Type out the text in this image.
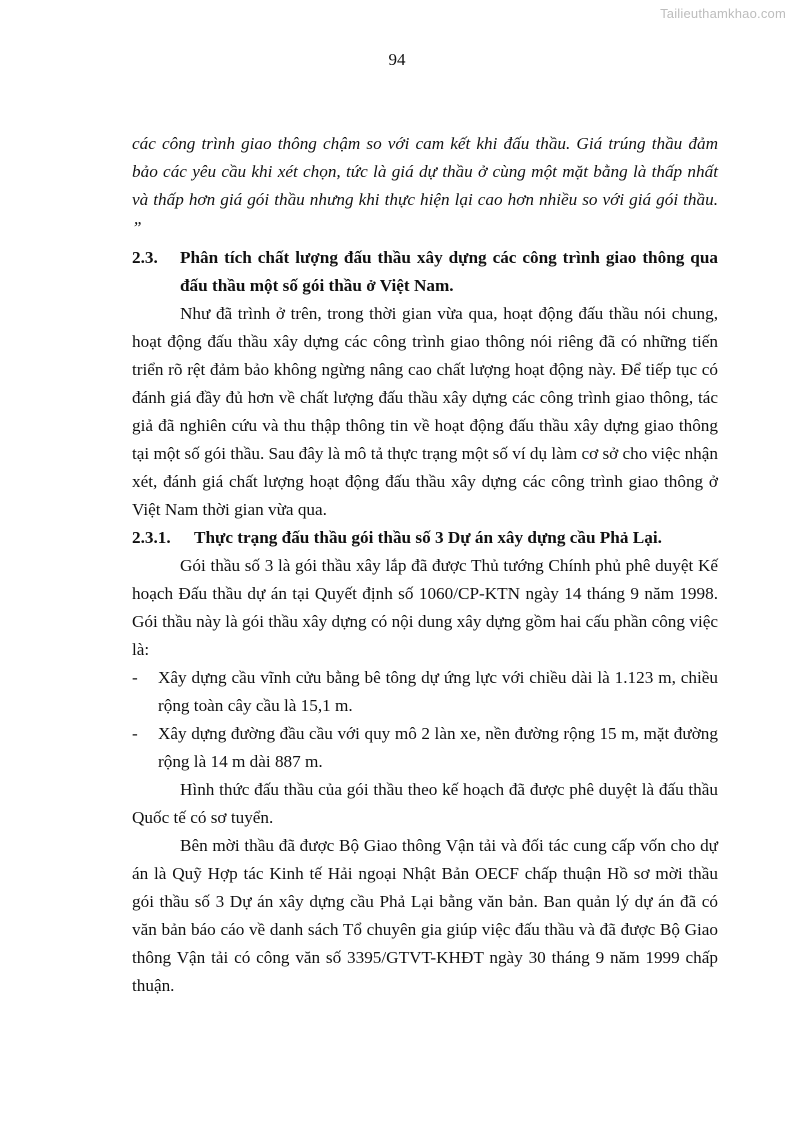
Tailieuthamkhao.com
94

các công trình giao thông chậm so với cam kết khi đấu thầu. Giá trúng thầu đảm bảo các yêu cầu khi xét chọn, tức là giá dự thầu ở cùng một mặt bằng là thấp nhất và thấp hơn giá gói thầu nhưng khi thực hiện lại cao hơn nhiều so với giá gói thầu. ”

2.3.	Phân tích chất lượng đấu thầu xây dựng các công trình giao thông qua đấu thầu một số gói thầu ở Việt Nam.

Như đã trình ở trên, trong thời gian vừa qua, hoạt động đấu thầu nói chung, hoạt động đấu thầu xây dựng các công trình giao thông nói riêng đã có những tiến triển rõ rệt đảm bảo không ngừng nâng cao chất lượng hoạt động này. Để tiếp tục có đánh giá đầy đủ hơn về chất lượng đấu thầu xây dựng các công trình giao thông, tác giả đã nghiên cứu và thu thập thông tin về hoạt động đấu thầu xây dựng giao thông tại một số gói thầu. Sau đây là mô tả thực trạng một số ví dụ làm cơ sở cho việc nhận xét, đánh giá chất lượng hoạt động đấu thầu xây dựng các công trình giao thông ở Việt Nam thời gian vừa qua.

2.3.1.	Thực trạng đấu thầu gói thầu số 3 Dự án xây dựng cầu Phả Lại.

Gói thầu số 3 là gói thầu xây lắp đã được Thủ tướng Chính phủ phê duyệt Kế hoạch Đấu thầu dự án tại Quyết định số 1060/CP-KTN ngày 14 tháng 9 năm 1998. Gói thầu này là gói thầu xây dựng có nội dung xây dựng gồm hai cấu phần công việc là:

-	Xây dựng cầu vĩnh cửu bằng bê tông dự ứng lực với chiều dài là 1.123 m, chiều rộng toàn cây cầu là 15,1 m.
-	Xây dựng đường đầu cầu với quy mô 2 làn xe, nền đường rộng 15 m, mặt đường rộng là 14 m dài 887 m.

Hình thức đấu thầu của gói thầu theo kế hoạch đã được phê duyệt là đấu thầu Quốc tế có sơ tuyển.

Bên mời thầu đã được Bộ Giao thông Vận tải và đối tác cung cấp vốn cho dự án là Quỹ Hợp tác Kinh tế Hải ngoại Nhật Bản OECF chấp thuận Hồ sơ mời thầu gói thầu số 3 Dự án xây dựng cầu Phả Lại bằng văn bản. Ban quản lý dự án đã có văn bản báo cáo về danh sách Tổ chuyên gia giúp việc đấu thầu và đã được Bộ Giao thông Vận tải có công văn số 3395/GTVT-KHĐT ngày 30 tháng 9 năm 1999 chấp thuận.
